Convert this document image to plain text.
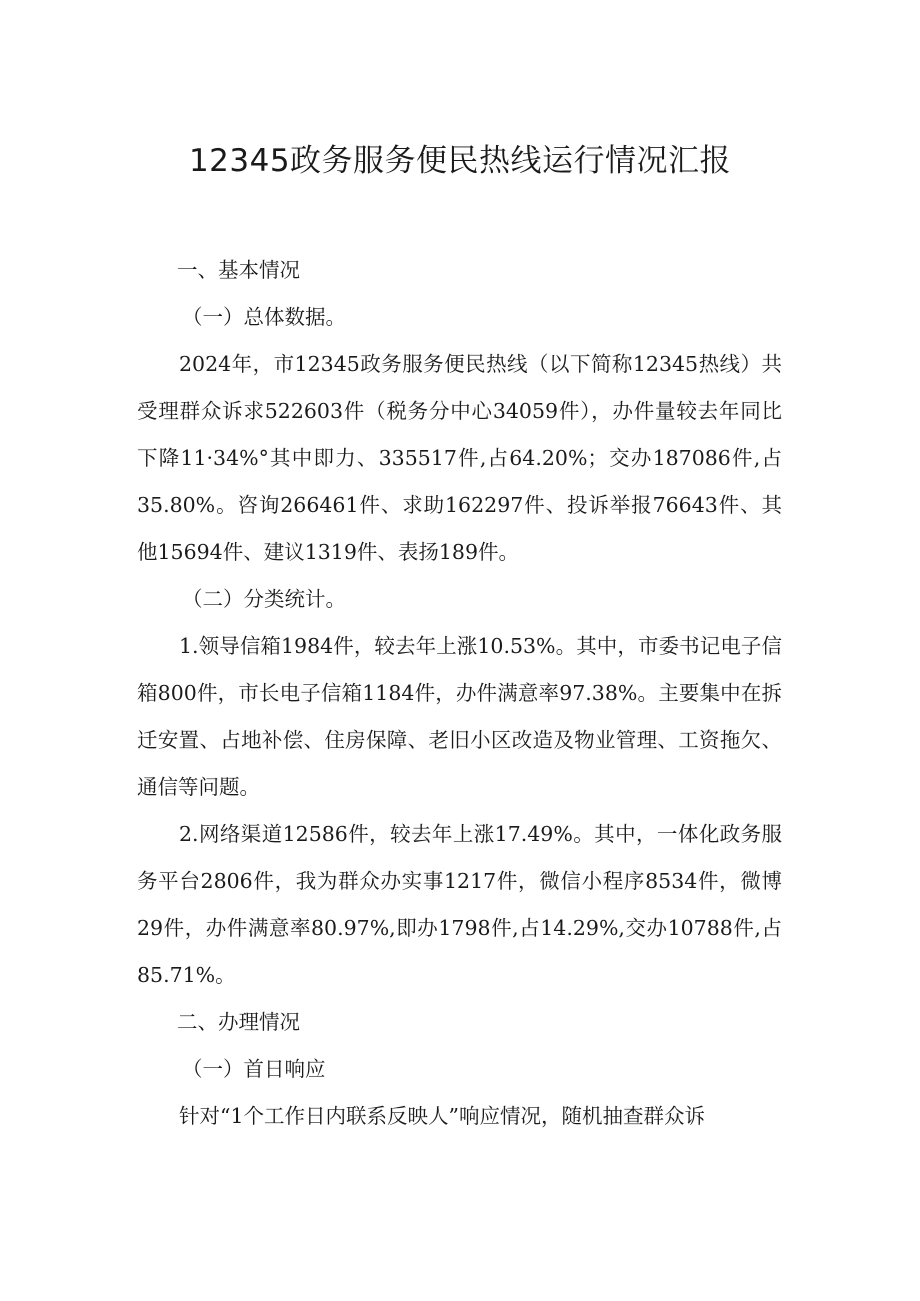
12345政务服务便民热线运行情况汇报

一、基本情况

（一）总体数据。

2024年，市12345政务服务便民热线（以下简称12345热线）共受理群众诉求522603件（税务分中心34059件），办件量较去年同比下降11·34%°其中即力、335517件,占64.20%；交办187086件,占35.80%。咨询266461件、求助162297件、投诉举报76643件、其他15694件、建议1319件、表扬189件。

（二）分类统计。

1.领导信箱1984件，较去年上涨10.53%。其中，市委书记电子信箱800件，市长电子信箱1184件，办件满意率97.38%。主要集中在拆迁安置、占地补偿、住房保障、老旧小区改造及物业管理、工资拖欠、通信等问题。

2.网络渠道12586件，较去年上涨17.49%。其中，一体化政务服务平台2806件，我为群众办实事1217件，微信小程序8534件，微博29件，办件满意率80.97%,即办1798件,占14.29%,交办10788件,占85.71%。

二、办理情况

（一）首日响应

针对“1个工作日内联系反映人”响应情况，随机抽查群众诉
